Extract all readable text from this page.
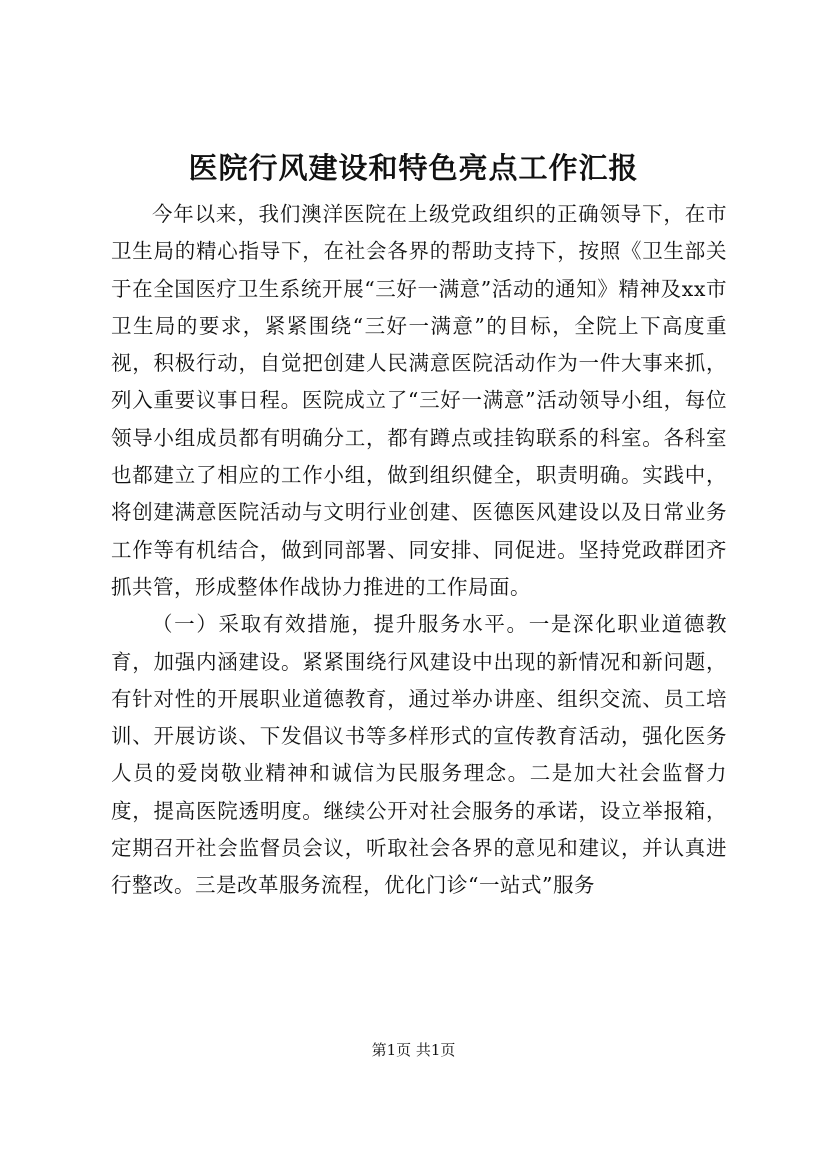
医院行风建设和特色亮点工作汇报

今年以来，我们澳洋医院在上级党政组织的正确领导下，在市卫生局的精心指导下，在社会各界的帮助支持下，按照《卫生部关于在全国医疗卫生系统开展“三好一满意”活动的通知》精神及xx市卫生局的要求，紧紧围绕“三好一满意”的目标，全院上下高度重视，积极行动，自觉把创建人民满意医院活动作为一件大事来抓，列入重要议事日程。医院成立了“三好一满意”活动领导小组，每位领导小组成员都有明确分工，都有蹲点或挂钩联系的科室。各科室也都建立了相应的工作小组，做到组织健全，职责明确。实践中，将创建满意医院活动与文明行业创建、医德医风建设以及日常业务工作等有机结合，做到同部署、同安排、同促进。坚持党政群团齐抓共管，形成整体作战协力推进的工作局面。

（一）采取有效措施，提升服务水平。一是深化职业道德教育，加强内涵建设。紧紧围绕行风建设中出现的新情况和新问题，有针对性的开展职业道德教育，通过举办讲座、组织交流、员工培训、开展访谈、下发倡议书等多样形式的宣传教育活动，强化医务人员的爱岗敬业精神和诚信为民服务理念。二是加大社会监督力度，提高医院透明度。继续公开对社会服务的承诺，设立举报箱，定期召开社会监督员会议，听取社会各界的意见和建议，并认真进行整改。三是改革服务流程，优化门诊“一站式”服务

第1页 共1页
